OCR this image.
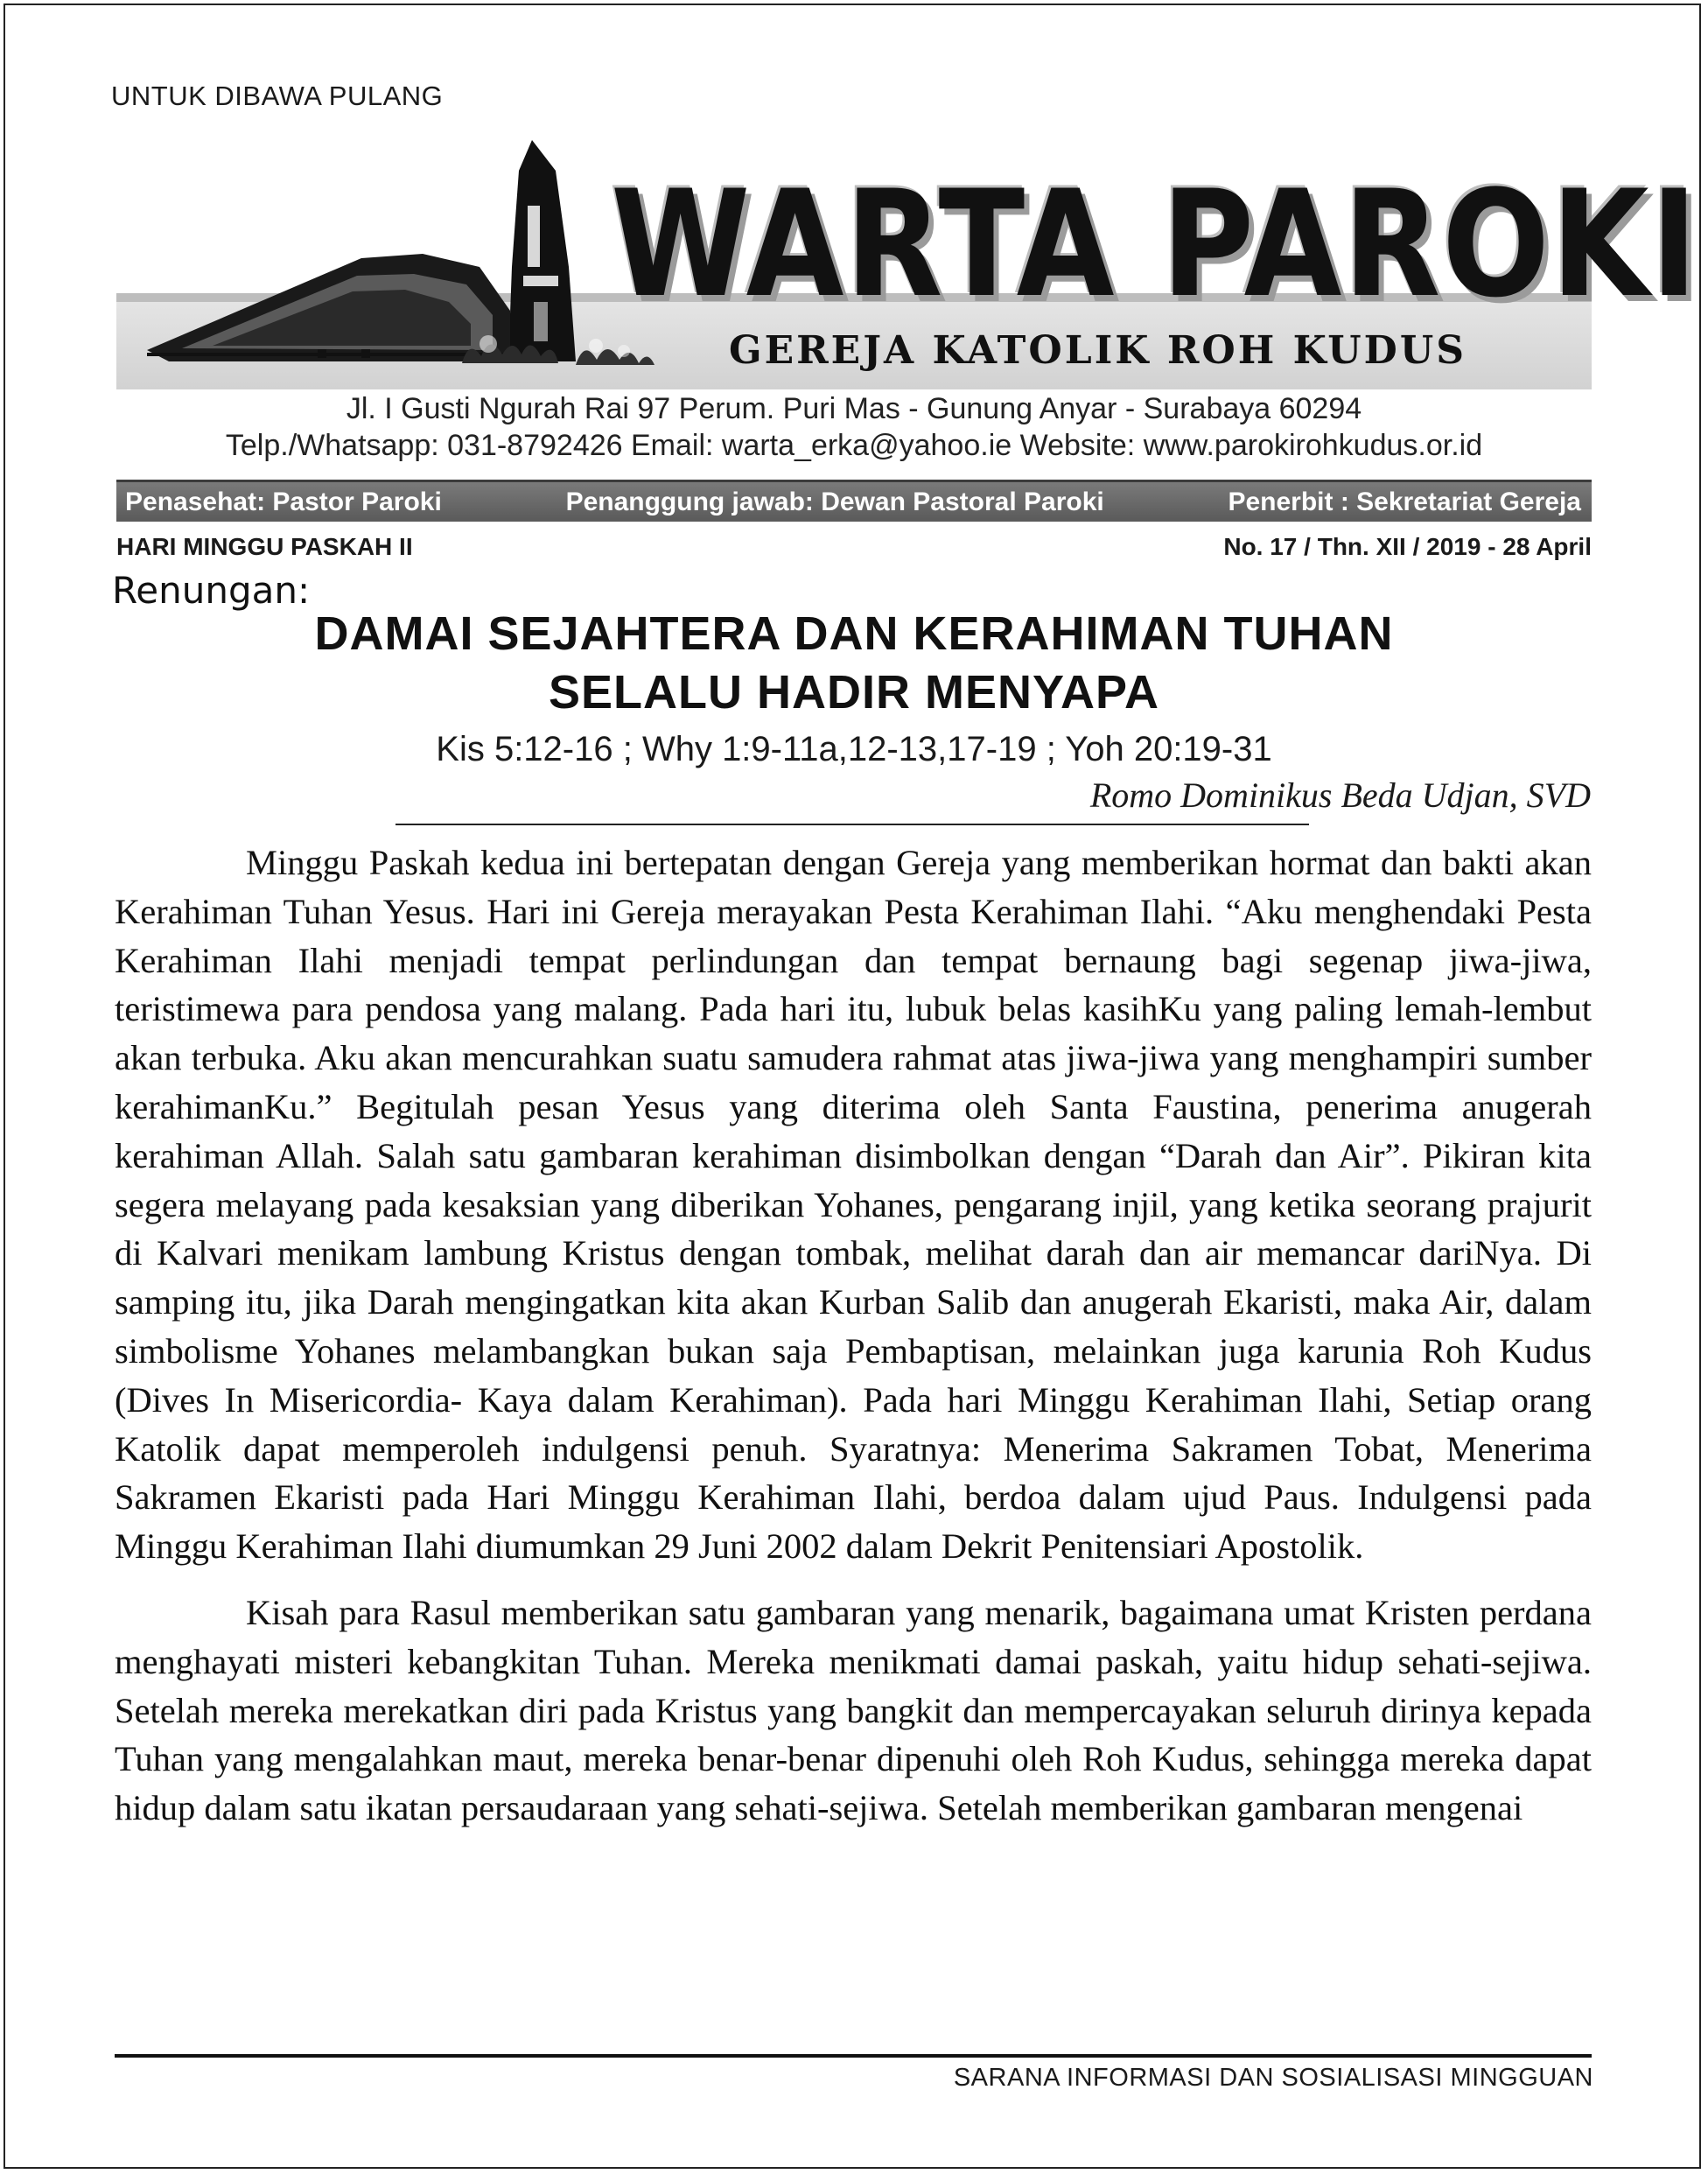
UNTUK DIBAWA PULANG
WARTA PAROKI
GEREJA KATOLIK ROH KUDUS
Jl. I Gusti Ngurah Rai 97 Perum. Puri Mas - Gunung Anyar - Surabaya 60294
Telp./Whatsapp: 031-8792426 Email: warta_erka@yahoo.ie Website: www.parokirohkudus.or.id
Penasehat: Pastor Paroki	Penanggung jawab: Dewan Pastoral Paroki	Penerbit : Sekretariat Gereja
HARI MINGGU PASKAH II	No. 17 / Thn. XII / 2019 - 28 April
Renungan:
DAMAI SEJAHTERA DAN KERAHIMAN TUHAN
SELALU HADIR MENYAPA
Kis 5:12-16 ; Why 1:9-11a,12-13,17-19 ; Yoh 20:19-31
Romo Dominikus Beda Udjan, SVD

Minggu Paskah kedua ini bertepatan dengan Gereja yang memberikan hormat dan bakti akan Kerahiman Tuhan Yesus. Hari ini Gereja merayakan Pesta Kerahiman Ilahi. “Aku menghendaki Pesta Kerahiman Ilahi menjadi tempat perlindungan dan tempat bernaung bagi segenap jiwa-jiwa, teristimewa para pendosa yang malang. Pada hari itu, lubuk belas kasihKu yang paling lemah-lembut akan terbuka. Aku akan mencurahkan suatu samudera rahmat atas jiwa-jiwa yang menghampiri sumber kerahimanKu.” Begitulah pesan Yesus yang diterima oleh Santa Faustina, penerima anugerah kerahiman Allah. Salah satu gambaran kerahiman disimbolkan dengan “Darah dan Air”. Pikiran kita segera melayang pada kesaksian yang diberikan Yohanes, pengarang injil, yang ketika seorang prajurit di Kalvari menikam lambung Kristus dengan tombak, melihat darah dan air memancar dariNya. Di samping itu, jika Darah mengingatkan kita akan Kurban Salib dan anugerah Ekaristi, maka Air, dalam simbolisme Yohanes melambangkan bukan saja Pembaptisan, melainkan juga karunia Roh Kudus (Dives In Misericordia- Kaya dalam Kerahiman). Pada hari Minggu Kerahiman Ilahi, Setiap orang Katolik dapat memperoleh indulgensi penuh. Syaratnya: Menerima Sakramen Tobat, Menerima Sakramen Ekaristi pada Hari Minggu Kerahiman Ilahi, berdoa dalam ujud Paus. Indulgensi pada Minggu Kerahiman Ilahi diumumkan 29 Juni 2002 dalam Dekrit Penitensiari Apostolik.

Kisah para Rasul memberikan satu gambaran yang menarik, bagaimana umat Kristen perdana menghayati misteri kebangkitan Tuhan. Mereka menikmati damai paskah, yaitu hidup sehati-sejiwa. Setelah mereka merekatkan diri pada Kristus yang bangkit dan mempercayakan seluruh dirinya kepada Tuhan yang mengalahkan maut, mereka benar-benar dipenuhi oleh Roh Kudus, sehingga mereka dapat hidup dalam satu ikatan persaudaraan yang sehati-sejiwa. Setelah memberikan gambaran mengenai

SARANA INFORMASI DAN SOSIALISASI MINGGUAN
